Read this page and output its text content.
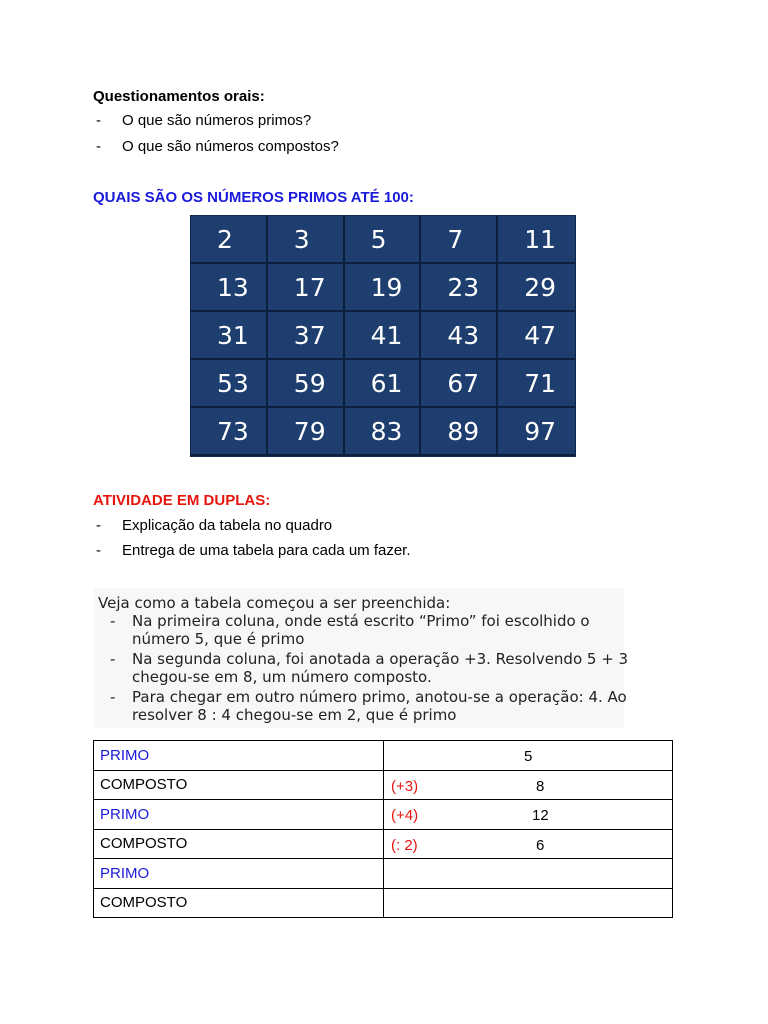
Questionamentos orais:
- O que são números primos?
- O que são números compostos?
QUAIS SÃO OS NÚMEROS PRIMOS ATÉ 100:
2	3	5	7	11
13	17	19	23	29
31	37	41	43	47
53	59	61	67	71
73	79	83	89	97
ATIVIDADE EM DUPLAS:
- Explicação da tabela no quadro
- Entrega de uma tabela para cada um fazer.
Veja como a tabela começou a ser preenchida:
- Na primeira coluna, onde está escrito “Primo” foi escolhido o
número 5, que é primo
- Na segunda coluna, foi anotada a operação +3. Resolvendo 5 + 3
chegou-se em 8, um número composto.
- Para chegar em outro número primo, anotou-se a operação: 4. Ao
resolver 8 : 4 chegou-se em 2, que é primo
PRIMO	5

COMPOSTO	(+3) 8

PRIMO	(+4) 12

COMPOSTO	(: 2) 6

PRIMO	

COMPOSTO	
